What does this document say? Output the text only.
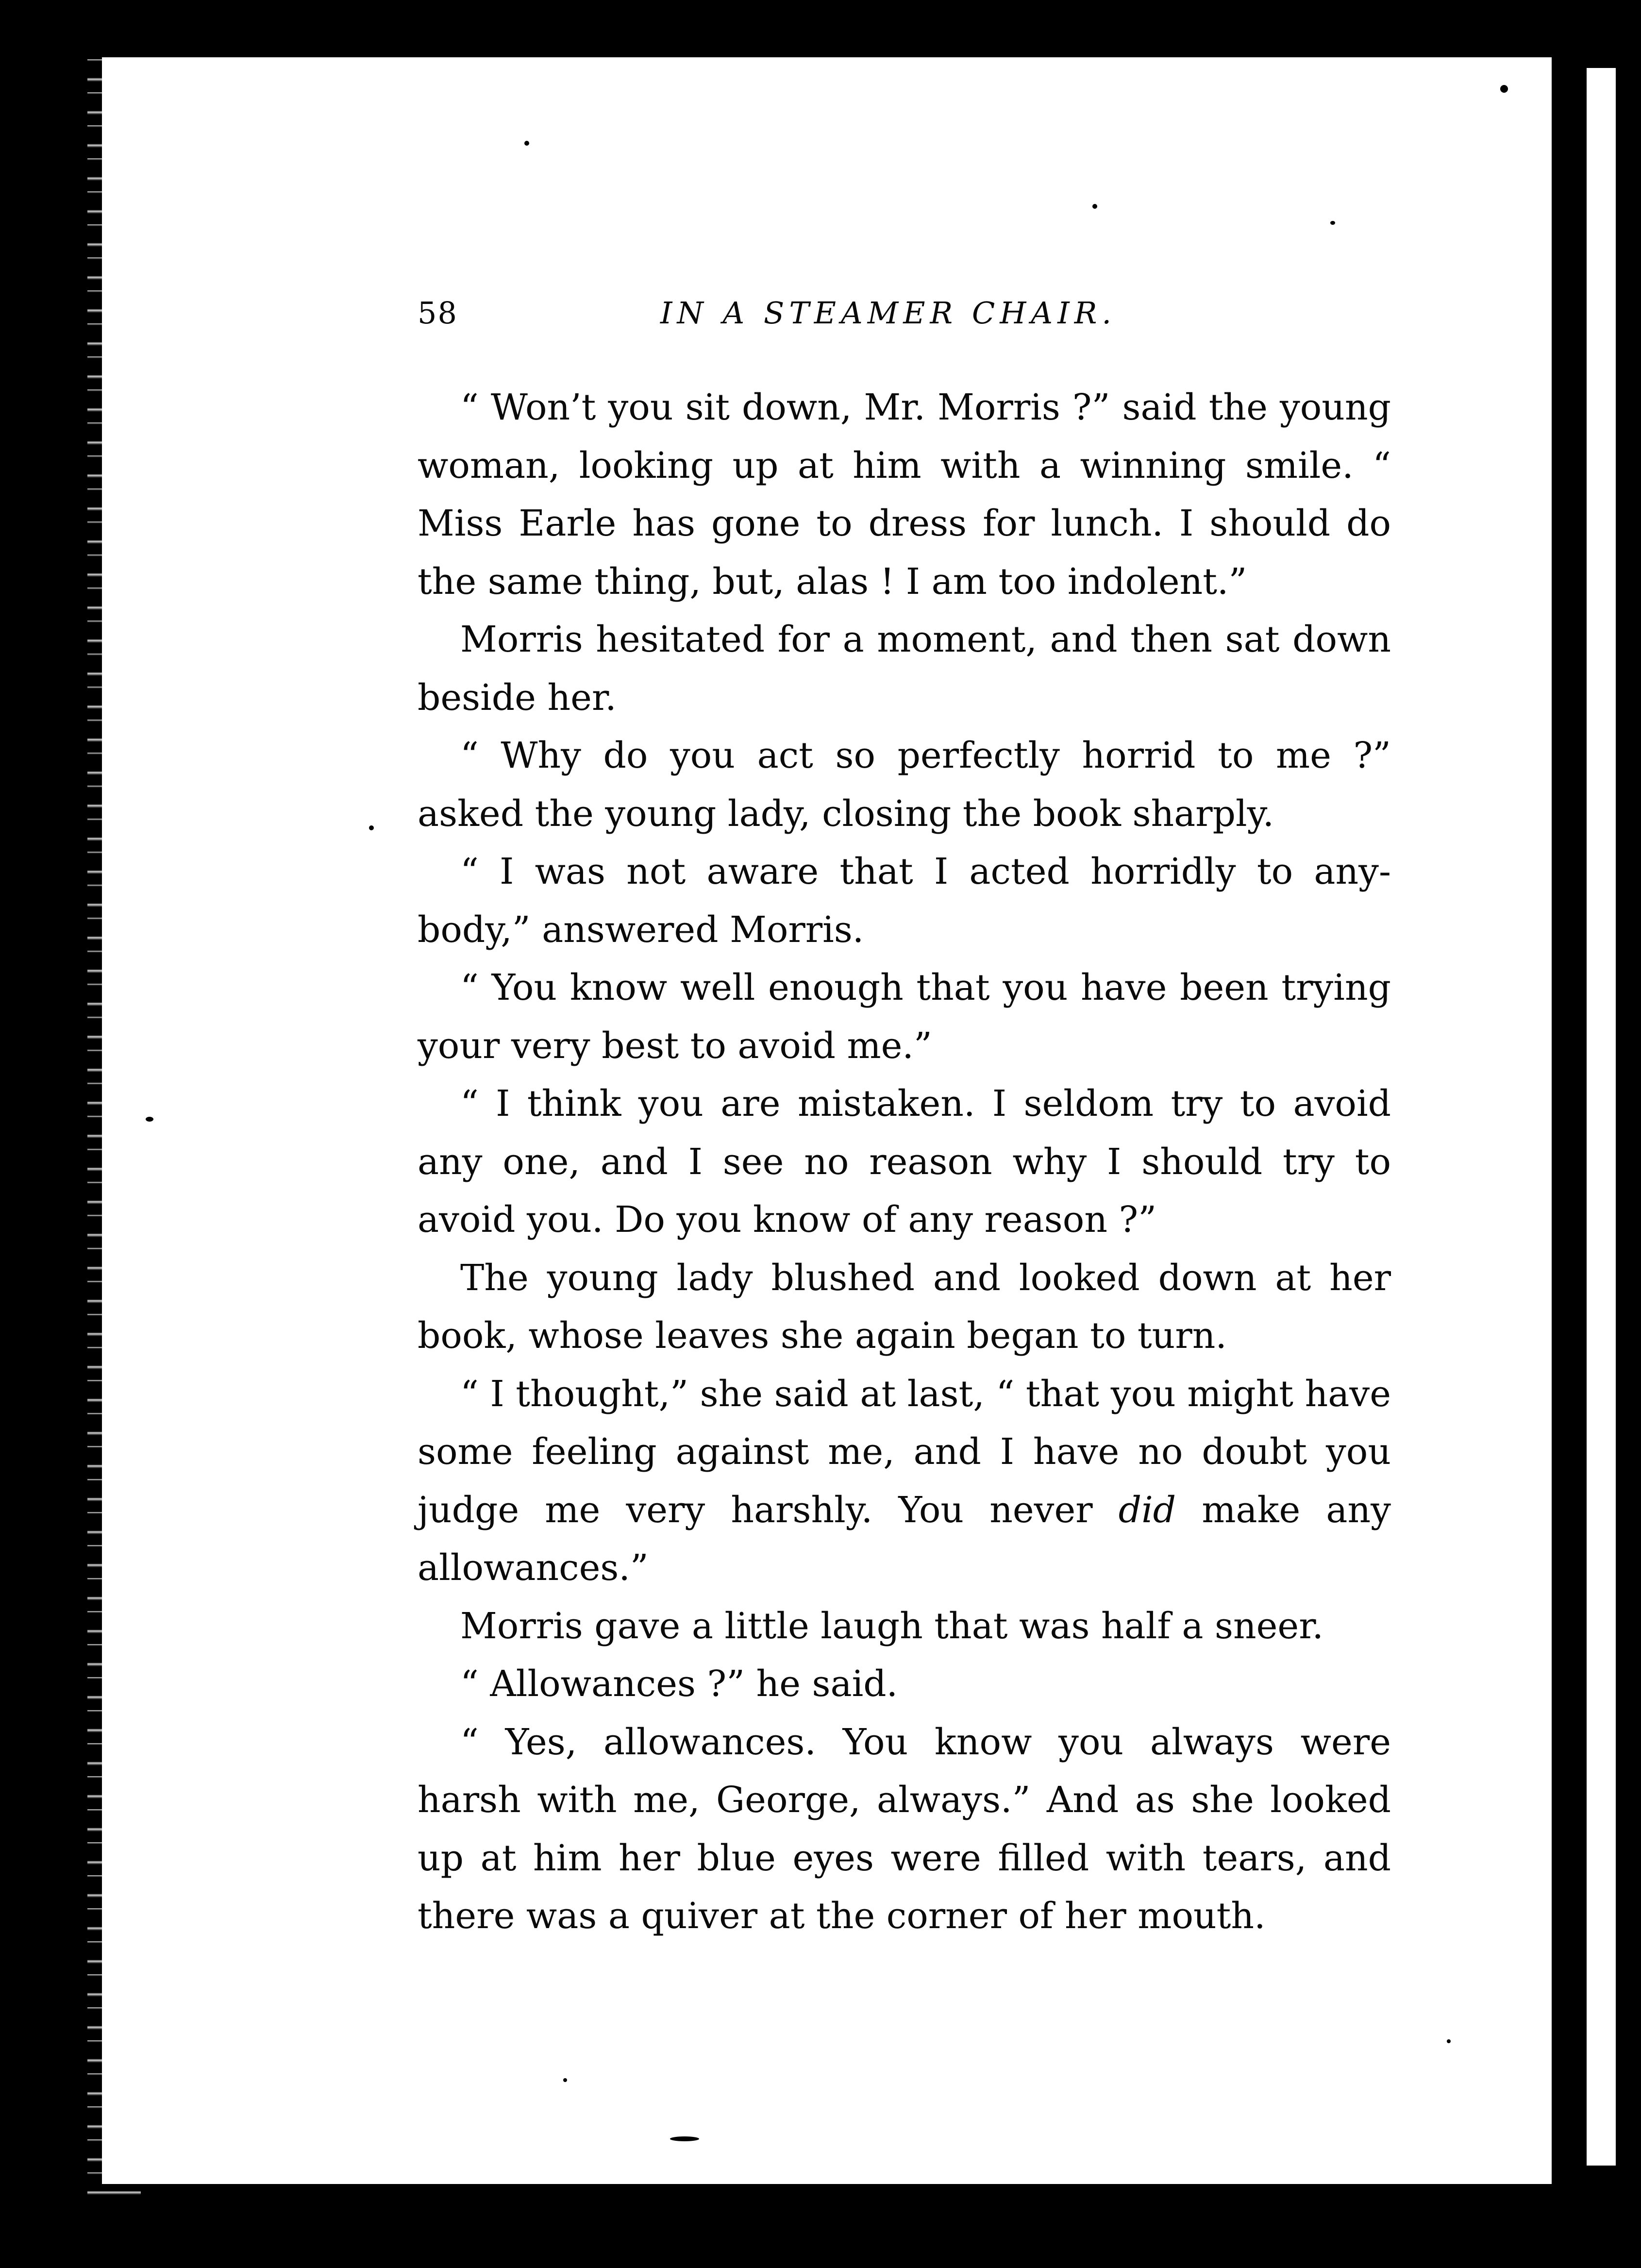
58	IN A STEAMER CHAIR.

“ Won’t you sit down, Mr. Morris ?” said the young woman, looking up at him with a winning smile. “ Miss Earle has gone to dress for lunch. I should do the same thing, but, alas ! I am too indolent.”

Morris hesitated for a moment, and then sat down beside her.

“ Why do you act so perfectly horrid to me ?” asked the young lady, closing the book sharply.

“ I was not aware that I acted horridly to any-body,” answered Morris.

“ You know well enough that you have been trying your very best to avoid me.”

“ I think you are mistaken. I seldom try to avoid any one, and I see no reason why I should try to avoid you. Do you know of any reason ?”

The young lady blushed and looked down at her book, whose leaves she again began to turn.

“ I thought,” she said at last, “ that you might have some feeling against me, and I have no doubt you judge me very harshly. You never did make any allowances.”

Morris gave a little laugh that was half a sneer.

“ Allowances ?” he said.

“ Yes, allowances. You know you always were harsh with me, George, always.” And as she looked up at him her blue eyes were filled with tears, and there was a quiver at the corner of her mouth.
